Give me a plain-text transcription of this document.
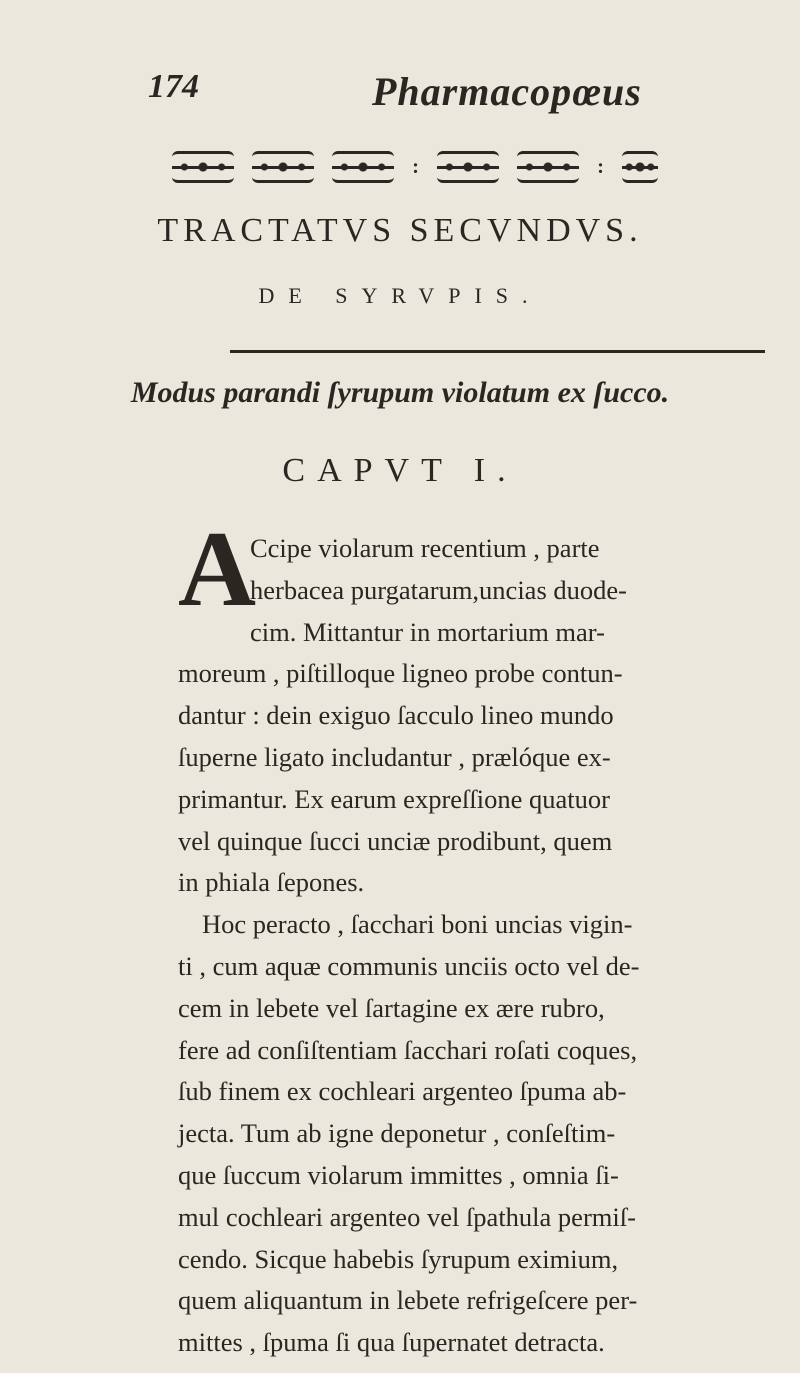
174	Pharmacopœus
:	:
TRACTATVS SECVNDVS.
DE SYRVPIS.
Modus parandi ſyrupum violatum ex ſucco.
CAPVT I.
A
Ccipe violarum recentium , parte
herbacea purgatarum,uncias duode-
cim. Mittantur in mortarium mar-
moreum , piſtilloque ligneo probe contun-
dantur : dein exiguo ſacculo lineo mundo
ſuperne ligato includantur , prælóque ex-
primantur. Ex earum expreſſione quatuor
vel quinque ſucci unciæ prodibunt, quem
in phiala ſepones.
Hoc peracto , ſacchari boni uncias vigin-
ti , cum aquæ communis unciis octo vel de-
cem in lebete vel ſartagine ex ære rubro,
fere ad conſiſtentiam ſacchari roſati coques,
ſub finem ex cochleari argenteo ſpuma ab-
jecta. Tum ab igne deponetur , conſeſtim-
que ſuccum violarum immittes , omnia ſi-
mul cochleari argenteo vel ſpathula permiſ-
cendo. Sicque habebis ſyrupum eximium,
quem aliquantum in lebete refrigeſcere per-
mittes , ſpuma ſi qua ſupernatet detracta.
